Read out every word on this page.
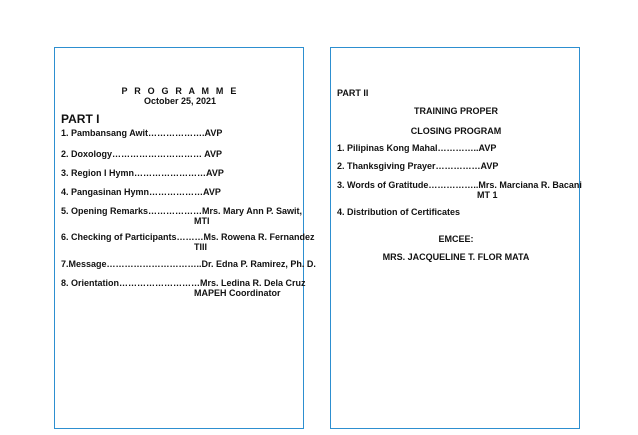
P R O G R A M M E
October 25, 2021
PART I
1. Pambansang Awit……………….AVP
2. Doxology………………………… AVP
3. Region I Hymn……………………AVP
4. Pangasinan Hymn………………AVP
5. Opening Remarks………………Mrs. Mary Ann P. Sawit,
MTI
6. Checking of Participants………Ms. Rowena R. Fernandez
TIII
7.Message…………………………..Dr. Edna P. Ramirez, Ph. D.
8. Orientation………………………Mrs. Ledina R. Dela Cruz
MAPEH Coordinator
PART II
TRAINING PROPER
CLOSING PROGRAM
1. Pilipinas Kong Mahal…………..AVP
2. Thanksgiving Prayer……………AVP
3. Words of Gratitude……………..Mrs. Marciana R. Bacani
MT 1
4. Distribution of Certificates
EMCEE:
MRS. JACQUELINE T. FLOR MATA
